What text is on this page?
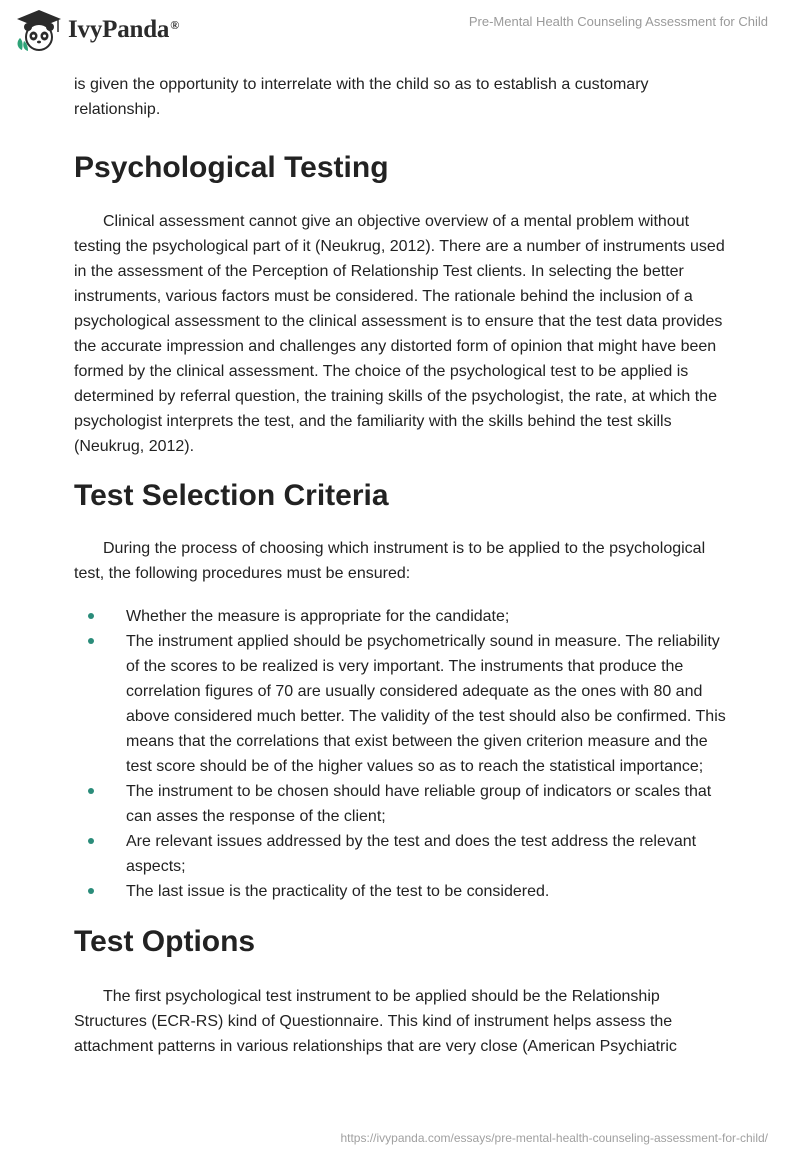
IvyPanda®	Pre-Mental Health Counseling Assessment for Child

is given the opportunity to interrelate with the child so as to establish a customary relationship.

Psychological Testing

Clinical assessment cannot give an objective overview of a mental problem without testing the psychological part of it (Neukrug, 2012). There are a number of instruments used in the assessment of the Perception of Relationship Test clients. In selecting the better instruments, various factors must be considered. The rationale behind the inclusion of a psychological assessment to the clinical assessment is to ensure that the test data provides the accurate impression and challenges any distorted form of opinion that might have been formed by the clinical assessment. The choice of the psychological test to be applied is determined by referral question, the training skills of the psychologist, the rate, at which the psychologist interprets the test, and the familiarity with the skills behind the test skills (Neukrug, 2012).

Test Selection Criteria

During the process of choosing which instrument is to be applied to the psychological test, the following procedures must be ensured:

Whether the measure is appropriate for the candidate;
The instrument applied should be psychometrically sound in measure. The reliability of the scores to be realized is very important. The instruments that produce the correlation figures of 70 are usually considered adequate as the ones with 80 and above considered much better. The validity of the test should also be confirmed. This means that the correlations that exist between the given criterion measure and the test score should be of the higher values so as to reach the statistical importance;
The instrument to be chosen should have reliable group of indicators or scales that can asses the response of the client;
Are relevant issues addressed by the test and does the test address the relevant aspects;
The last issue is the practicality of the test to be considered.
Test Options

The first psychological test instrument to be applied should be the Relationship Structures (ECR-RS) kind of Questionnaire. This kind of instrument helps assess the attachment patterns in various relationships that are very close (American Psychiatric

https://ivypanda.com/essays/pre-mental-health-counseling-assessment-for-child/
